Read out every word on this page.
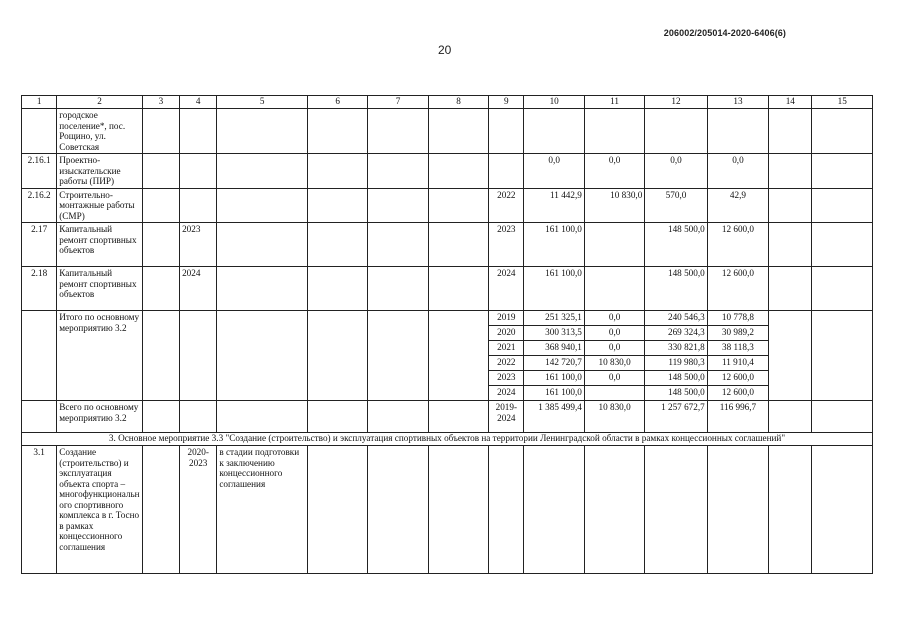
206002/205014-2020-6406(6)
20
1	2	3	4	5	6	7	8	9	10	11	12	13	14	15
	городское поселение*, пос. Рощино, ул. Советская													
2.16.1	Проектно-изыскательские работы (ПИР)								0,0	0,0	0,0	0,0		
2.16.2	Строительно-монтажные работы (СМР)							2022	11 442,9	10 830,0	570,0	42,9		
2.17	Капитальный ремонт спортивных объектов		2023					2023	161 100,0		148 500,0	12 600,0		
2.18	Капитальный ремонт спортивных объектов		2024					2024	161 100,0		148 500,0	12 600,0		
	Итого по основному мероприятию 3.2							2019	251 325,1	0,0	240 546,3	10 778,8		
								2020	300 313,5	0,0	269 324,3	30 989,2		
								2021	368 940,1	0,0	330 821,8	38 118,3		
								2022	142 720,7	10 830,0	119 980,3	11 910,4		
								2023	161 100,0	0,0	148 500,0	12 600,0		
								2024	161 100,0		148 500,0	12 600,0		
	Всего по основному мероприятию 3.2							2019-2024	1 385 499,4	10 830,0	1 257 672,7	116 996,7		
3. Основное мероприятие 3.3 "Создание (строительство) и эксплуатация спортивных объектов на территории Ленинградской области в рамках концессионных соглашений"														
3.1	Создание (строительство) и эксплуатация объекта спорта – многофункционального спортивного комплекса в г. Тосно в рамках концессионного соглашения		2020-2023	в стадии подготовки к заключению концессионного соглашения										
